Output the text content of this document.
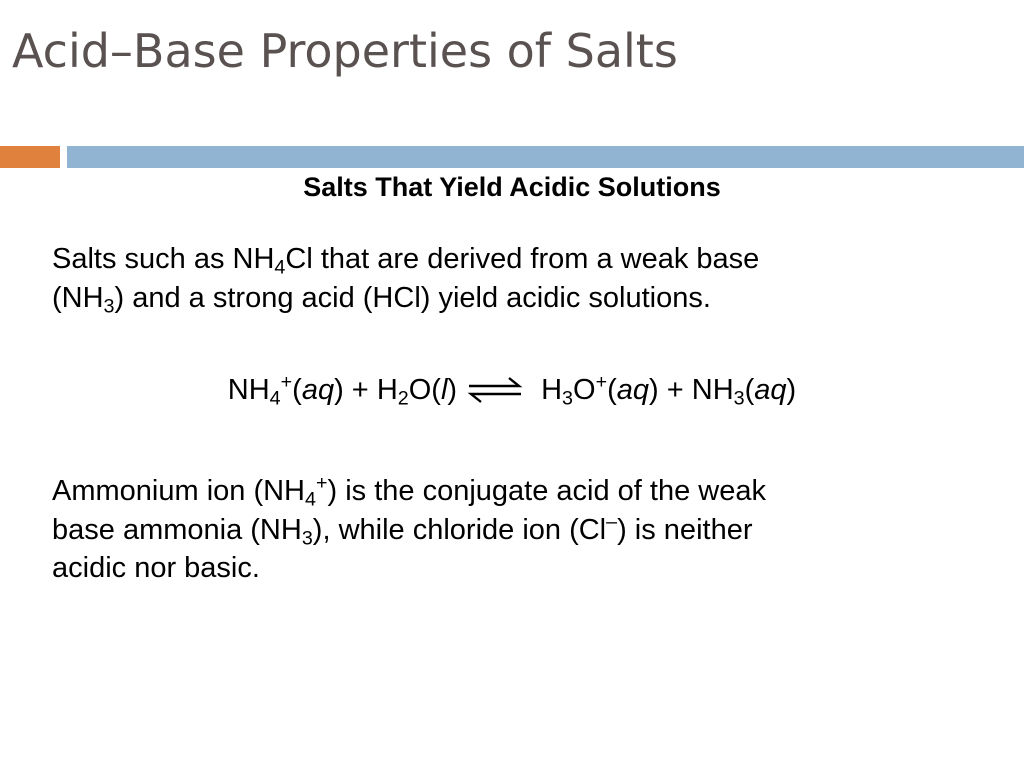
Acid–Base Properties of Salts
Salts That Yield Acidic Solutions

Salts such as $NH_4Cl$ that are derived from a weak base
$(NH_3)$ and a strong acid (HCl) yield acidic solutions.

$NH_4^+(aq) + H_2O(l)$ ⇌ $H_3O^+(aq) + NH_3(aq)$

Ammonium ion $(NH_4^+)$ is the conjugate acid of the weak
base ammonia $(NH_3)$, while chloride ion (Cl–) is neither
acidic nor basic.
